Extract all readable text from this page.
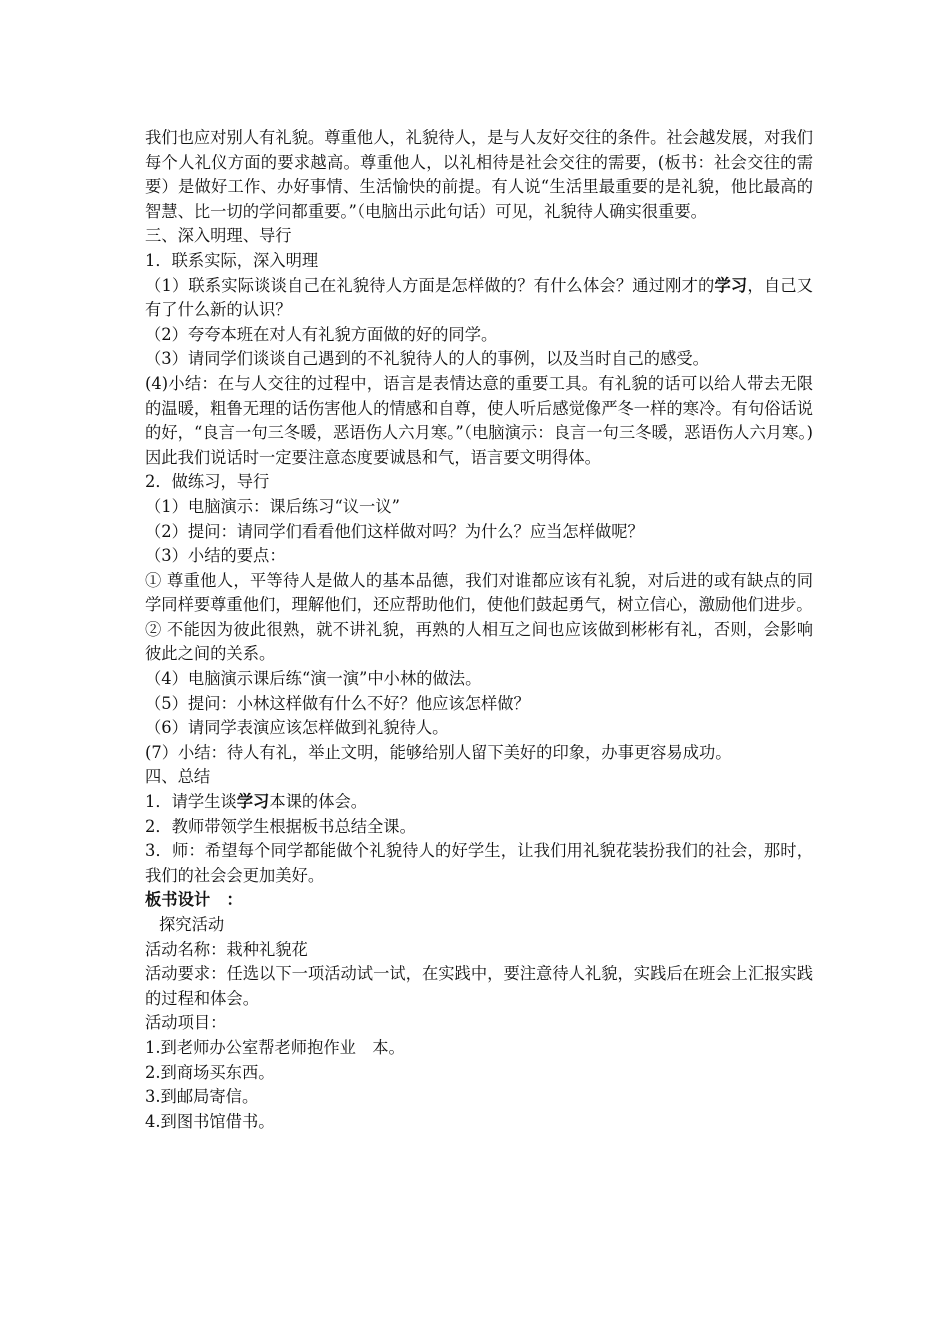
我们也应对别人有礼貌。尊重他人，礼貌待人，是与人友好交往的条件。社会越发展，对我们每个人礼仪方面的要求越高。尊重他人，以礼相待是社会交往的需要，(板书：社会交往的需要）是做好工作、办好事情、生活愉快的前提。有人说“生活里最重要的是礼貌，他比最高的智慧、比一切的学问都重要。”（电脑出示此句话）可见，礼貌待人确实很重要。

三、深入明理、导行

1．联系实际，深入明理

（1）联系实际谈谈自己在礼貌待人方面是怎样做的？有什么体会？通过刚才的学习，自己又有了什么新的认识？

（2）夸夸本班在对人有礼貌方面做的好的同学。

（3）请同学们谈谈自己遇到的不礼貌待人的人的事例，以及当时自己的感受。

(4)小结：在与人交往的过程中，语言是表情达意的重要工具。有礼貌的话可以给人带去无限的温暖，粗鲁无理的话伤害他人的情感和自尊，使人听后感觉像严冬一样的寒冷。有句俗话说的好，“良言一句三冬暖，恶语伤人六月寒。”（电脑演示：良言一句三冬暖，恶语伤人六月寒。)因此我们说话时一定要注意态度要诚恳和气，语言要文明得体。

2．做练习，导行

（1）电脑演示：课后练习“议一议”

（2）提问：请同学们看看他们这样做对吗？为什么？应当怎样做呢？

（3）小结的要点：

① 尊重他人，平等待人是做人的基本品德，我们对谁都应该有礼貌，对后进的或有缺点的同学同样要尊重他们，理解他们，还应帮助他们，使他们鼓起勇气，树立信心，激励他们进步。

② 不能因为彼此很熟，就不讲礼貌，再熟的人相互之间也应该做到彬彬有礼，否则，会影响彼此之间的关系。

（4）电脑演示课后练“演一演”中小林的做法。

（5）提问：小林这样做有什么不好？他应该怎样做？

（6）请同学表演应该怎样做到礼貌待人。

(7）小结：待人有礼，举止文明，能够给别人留下美好的印象，办事更容易成功。

四、总结

1．请学生谈学习本课的体会。

2．教师带领学生根据板书总结全课。

3．师：希望每个同学都能做个礼貌待人的好学生，让我们用礼貌花装扮我们的社会，那时，我们的社会会更加美好。

板书设计　：

探究活动

活动名称：栽种礼貌花

活动要求：任选以下一项活动试一试，在实践中，要注意待人礼貌，实践后在班会上汇报实践的过程和体会。

活动项目：

1.到老师办公室帮老师抱作业　本。

2.到商场买东西。

3.到邮局寄信。

4.到图书馆借书。
